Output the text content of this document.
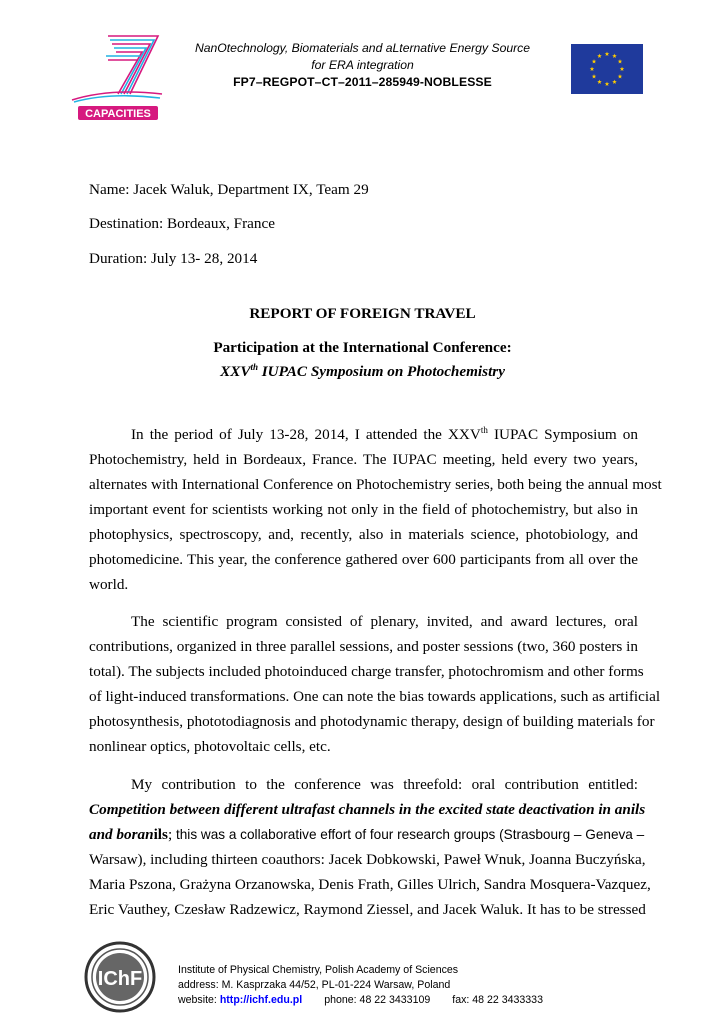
CAPACITIES
NanOtechnology, Biomaterials and aLternative Energy Source
for ERA integration
FP7–REGPOT–CT–2011–285949-NOBLESSE
Name: Jacek Waluk, Department IX, Team 29
Destination: Bordeaux, France
Duration: July 13- 28, 2014
REPORT OF FOREIGN TRAVEL
Participation at the International Conference:
XXVth IUPAC Symposium on Photochemistry
In the period of July 13-28, 2014, I attended the XXVth IUPAC Symposium on
Photochemistry, held in Bordeaux, France. The IUPAC meeting, held every two years,
alternates with International Conference on Photochemistry series, both being the annual most
important event for scientists working not only in the field of photochemistry, but also in
photophysics, spectroscopy, and, recently, also in materials science, photobiology, and
photomedicine. This year, the conference gathered over 600 participants from all over the
world.
The scientific program consisted of plenary, invited, and award lectures, oral
contributions, organized in three parallel sessions, and poster sessions (two, 360 posters in
total). The subjects included photoinduced charge transfer, photochromism and other forms
of light-induced transformations. One can note the bias towards applications, such as artificial
photosynthesis, phototodiagnosis and photodynamic therapy, design of building materials for
nonlinear optics, photovoltaic cells, etc.
My contribution to the conference was threefold: oral contribution entitled:
Competition between different ultrafast channels in the excited state deactivation in anils
and boranils; this was a collaborative effort of four research groups (Strasbourg – Geneva –
Warsaw), including thirteen coauthors: Jacek Dobkowski, Paweł Wnuk, Joanna Buczyńska,
Maria Pszona, Grażyna Orzanowska, Denis Frath, Gilles Ulrich, Sandra Mosquera-Vazquez,
Eric Vauthey, Czesław Radzewicz, Raymond Ziessel, and Jacek Waluk. It has to be stressed
IChF	Institute of Physical Chemistry, Polish Academy of Sciences
address: M. Kasprzaka 44/52, PL-01-224 Warsaw, Poland
website: http://ichf.edu.pl phone: 48 22 3433109 fax: 48 22 3433333
